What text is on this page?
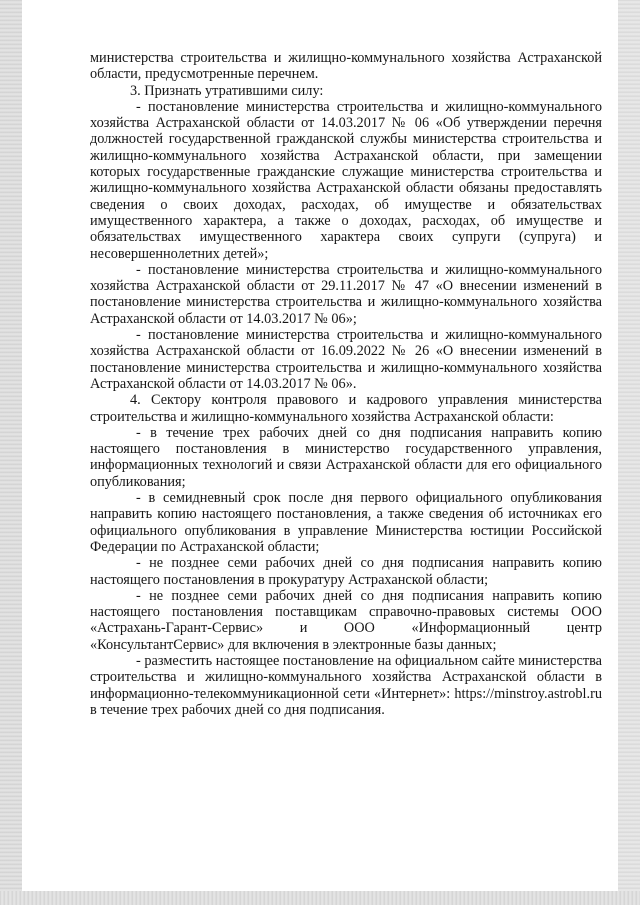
министерства строительства и жилищно-коммунального хозяйства Астраханской области, предусмотренные перечнем.

3. Признать утратившими силу:

- постановление министерства строительства и жилищно-коммунального хозяйства Астраханской области от 14.03.2017 № 06 «Об утверждении перечня должностей государственной гражданской службы министерства строительства и жилищно-коммунального хозяйства Астраханской области, при замещении которых государственные гражданские служащие министерства строительства и жилищно-коммунального хозяйства Астраханской области обязаны предоставлять сведения о своих доходах, расходах, об имуществе и обязательствах имущественного характера, а также о доходах, расходах, об имуществе и обязательствах имущественного характера своих супруги (супруга) и несовершеннолетних детей»;

- постановление министерства строительства и жилищно-коммунального хозяйства Астраханской области от 29.11.2017 № 47 «О внесении изменений в постановление министерства строительства и жилищно-коммунального хозяйства Астраханской области от 14.03.2017 № 06»;

- постановление министерства строительства и жилищно-коммунального хозяйства Астраханской области от 16.09.2022 № 26 «О внесении изменений в постановление министерства строительства и жилищно-коммунального хозяйства Астраханской области от 14.03.2017 № 06».

4. Сектору контроля правового и кадрового управления министерства строительства и жилищно-коммунального хозяйства Астраханской области:

- в течение трех рабочих дней со дня подписания направить копию настоящего постановления в министерство государственного управления, информационных технологий и связи Астраханской области для его официального опубликования;

- в семидневный срок после дня первого официального опубликования направить копию настоящего постановления, а также сведения об источниках его официального опубликования в управление Министерства юстиции Российской Федерации по Астраханской области;

- не позднее семи рабочих дней со дня подписания направить копию настоящего постановления в прокуратуру Астраханской области;

- не позднее семи рабочих дней со дня подписания направить копию настоящего постановления поставщикам справочно-правовых системы ООО «Астрахань-Гарант-Сервис» и ООО «Информационный центр «КонсультантСервис» для включения в электронные базы данных;

- разместить настоящее постановление на официальном сайте министерства строительства и жилищно-коммунального хозяйства Астраханской области в информационно-телекоммуникационной сети «Интернет»: https://minstroy.astrobl.ru в течение трех рабочих дней со дня подписания.
